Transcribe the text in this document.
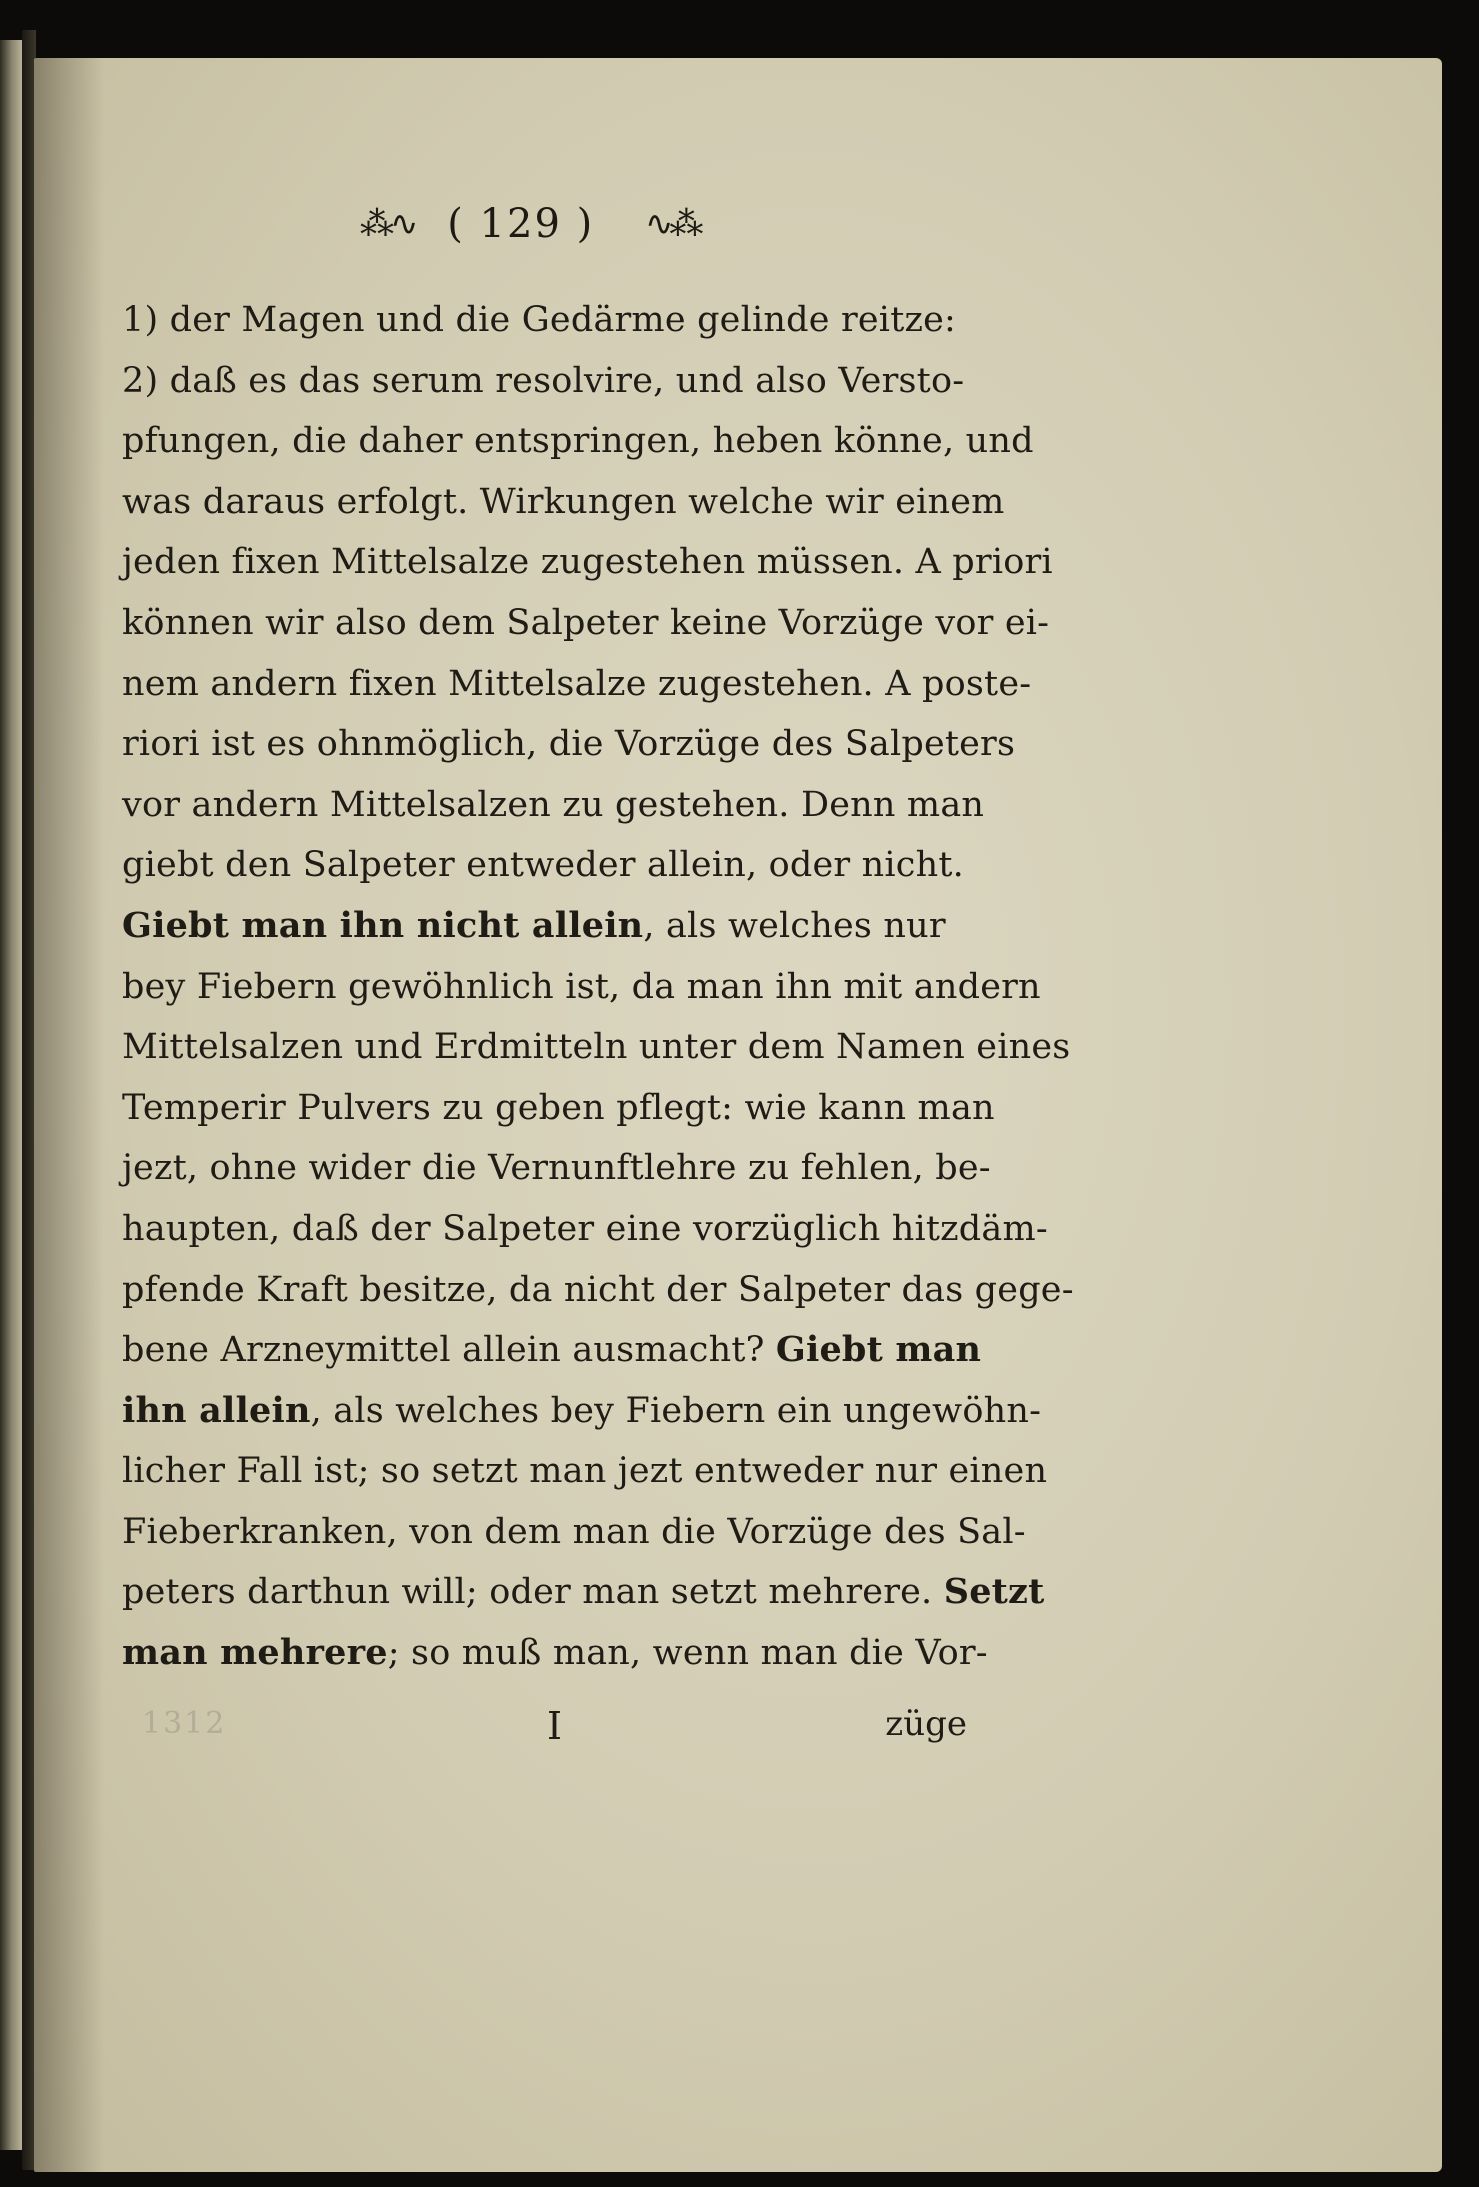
⁂∿ ( 129 ) ∿⁂
1) der Magen und die Gedärme gelinde reitze:
2) daß es das serum resolvire, und also Versto-
pfungen, die daher entspringen, heben könne, und
was daraus erfolgt. Wirkungen welche wir einem
jeden fixen Mittelsalze zugestehen müssen. A priori
können wir also dem Salpeter keine Vorzüge vor ei-
nem andern fixen Mittelsalze zugestehen. A poste-
riori ist es ohnmöglich, die Vorzüge des Salpeters
vor andern Mittelsalzen zu gestehen. Denn man
giebt den Salpeter entweder allein, oder nicht.
Giebt man ihn nicht allein, als welches nur
bey Fiebern gewöhnlich ist, da man ihn mit andern
Mittelsalzen und Erdmitteln unter dem Namen eines
Temperir Pulvers zu geben pflegt: wie kann man
jezt, ohne wider die Vernunftlehre zu fehlen, be-
haupten, daß der Salpeter eine vorzüglich hitzdäm-
pfende Kraft besitze, da nicht der Salpeter das gege-
bene Arzneymittel allein ausmacht? Giebt man
ihn allein, als welches bey Fiebern ein ungewöhn-
licher Fall ist; so setzt man jezt entweder nur einen
Fieberkranken, von dem man die Vorzüge des Sal-
peters darthun will; oder man setzt mehrere. Setzt
man mehrere; so muß man, wenn man die Vor-
1312	I	züge
